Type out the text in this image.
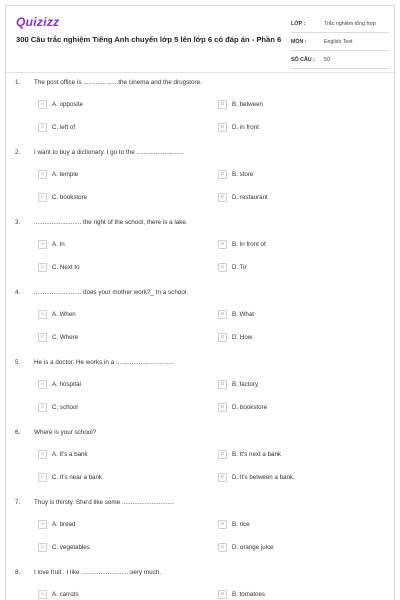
Quizizz
300 Câu trắc nghiệm Tiếng Anh chuyển lớp 5 lên lớp 6 có đáp án - Phần 6
LỚP :	Trắc nghiệm tổng hợp
MÔN :	English Test
SỐ CÂU : 50
1. The post office is ....................the cinema and the drugstore.
A	A. opposite	B	B. between
C	C. left of	D	D. in front
2. I want to buy a dictionary. I go to the ...........................
A	A. temple	B	B. store
C	C. bookstore	D	D. restaurant
3. ........................... the right of the school, there is a lake.
A	A. In	B	B. In front of
C	C. Next to	D	D. To
4. ........................... does your mother work?_ In a school.
A	A. When	B	B. What
C	C. Where	D	D. How
5. He is a doctor. He works in a .................................
A	A. hospital	B	B. factory
C	C. school	D	D. bookstore
6. Where is your school?
A	A. It's a bank	B	B. It's next a bank
C	C. It's near a bank	D	D. It's between a bank.
7. Thuy is thirsty. She'd like some ..............................
A	A. bread	B	B. rice
C	C. vegetables	D	D. orange juice
8. I love fruit . I like ............................very much.
A	A. carrots	B	B. tomatoes
